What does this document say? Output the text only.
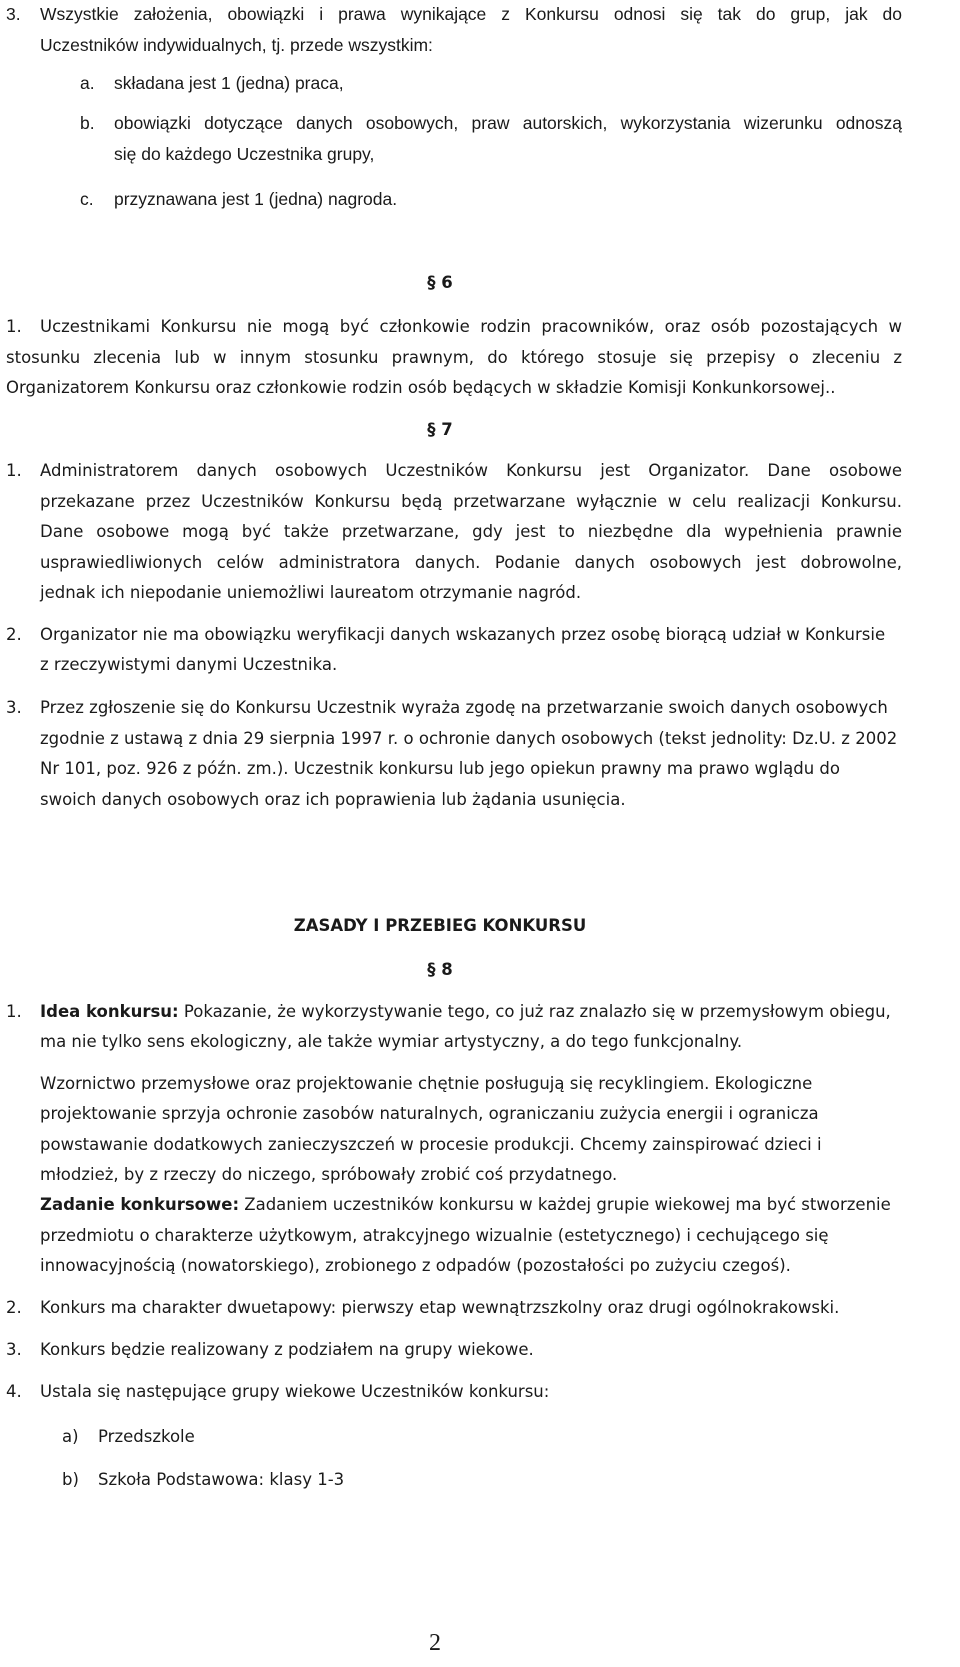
3. Wszystkie założenia, obowiązki i prawa wynikające z Konkursu odnosi się tak do grup, jak do
Uczestników indywidualnych, tj. przede wszystkim:
a. składana jest 1 (jedna) praca,
b. obowiązki dotyczące danych osobowych, praw autorskich, wykorzystania wizerunku odnoszą
się do każdego Uczestnika grupy,
c. przyznawana jest 1 (jedna) nagroda.
§ 6
1. Uczestnikami Konkursu nie mogą być członkowie rodzin pracowników, oraz osób pozostających w
stosunku zlecenia lub w innym stosunku prawnym, do którego stosuje się przepisy o zleceniu z
Organizatorem Konkursu oraz członkowie rodzin osób będących w składzie Komisji Konkunkorsowej..
§ 7
1. Administratorem danych osobowych Uczestników Konkursu jest Organizator. Dane osobowe
przekazane przez Uczestników Konkursu będą przetwarzane wyłącznie w celu realizacji Konkursu.
Dane osobowe mogą być także przetwarzane, gdy jest to niezbędne dla wypełnienia prawnie
usprawiedliwionych celów administratora danych. Podanie danych osobowych jest dobrowolne,
jednak ich niepodanie uniemożliwi laureatom otrzymanie nagród.
2. Organizator nie ma obowiązku weryfikacji danych wskazanych przez osobę biorącą udział w Konkursie
z rzeczywistymi danymi Uczestnika.
3. Przez zgłoszenie się do Konkursu Uczestnik wyraża zgodę na przetwarzanie swoich danych osobowych
zgodnie z ustawą z dnia 29 sierpnia 1997 r. o ochronie danych osobowych (tekst jednolity: Dz.U. z 2002
Nr 101, poz. 926 z późn. zm.). Uczestnik konkursu lub jego opiekun prawny ma prawo wglądu do
swoich danych osobowych oraz ich poprawienia lub żądania usunięcia.
ZASADY I PRZEBIEG KONKURSU
§ 8
1. Idea konkursu: Pokazanie, że wykorzystywanie tego, co już raz znalazło się w przemysłowym obiegu,
ma nie tylko sens ekologiczny, ale także wymiar artystyczny, a do tego funkcjonalny.
Wzornictwo przemysłowe oraz projektowanie chętnie posługują się recyklingiem. Ekologiczne
projektowanie sprzyja ochronie zasobów naturalnych, ograniczaniu zużycia energii i ogranicza
powstawanie dodatkowych zanieczyszczeń w procesie produkcji. Chcemy zainspirować dzieci i
młodzież, by z rzeczy do niczego, spróbowały zrobić coś przydatnego.
Zadanie konkursowe: Zadaniem uczestników konkursu w każdej grupie wiekowej ma być stworzenie
przedmiotu o charakterze użytkowym, atrakcyjnego wizualnie (estetycznego) i cechującego się
innowacyjnością (nowatorskiego), zrobionego z odpadów (pozostałości po zużyciu czegoś).
2. Konkurs ma charakter dwuetapowy: pierwszy etap wewnątrzszkolny oraz drugi ogólnokrakowski.
3. Konkurs będzie realizowany z podziałem na grupy wiekowe.
4. Ustala się następujące grupy wiekowe Uczestników konkursu:
a) Przedszkole
b) Szkoła Podstawowa: klasy 1-3
2
